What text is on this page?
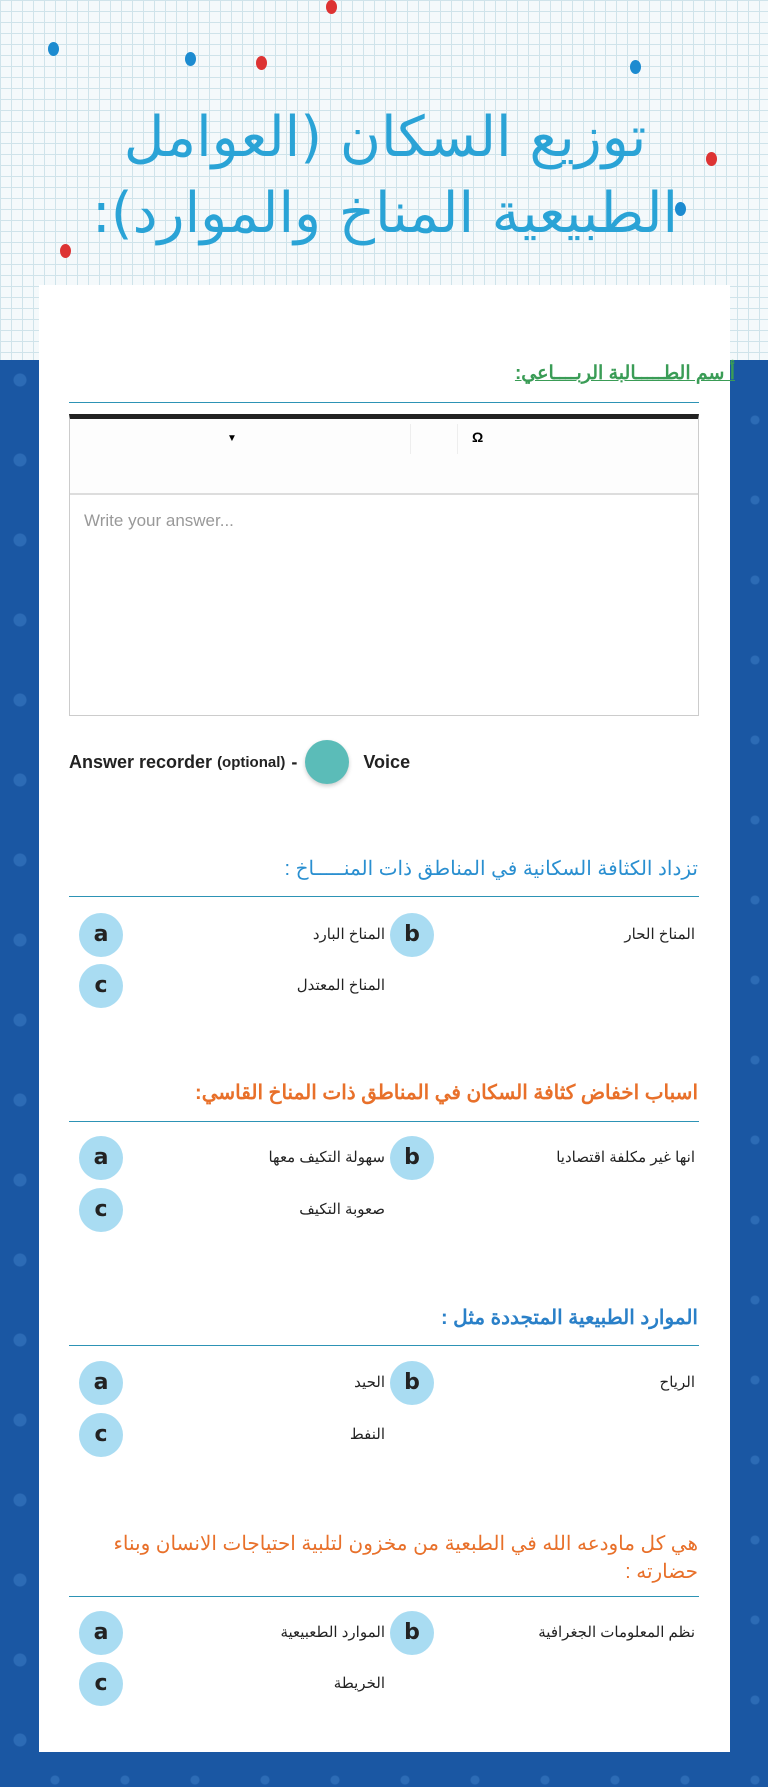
توزيع السكان (العوامل الطبيعية المناخ والموارد):
أ سم الطـــــالبة الربــــاعي:
▼	Ω
Write your answer...
Answer recorder (optional) -	Voice
تزداد الكثافة السكانية في المناطق ذات المنـــــاخ :
a	المناخ البارد b	المناخ الحار
c	المناخ المعتدل
اسباب اخفاض كثافة السكان في المناطق ذات المناخ القاسي:
a	سهولة التكيف معها b	انها غير مكلفة اقتصاديا
c	صعوبة التكيف
الموارد الطبيعية المتجددة مثل :
a	الحيد b	الرياح
c	النفط
هي كل ماودعه الله في الطبعية من مخزون لتلبية احتياجات الانسان وبناء حضارته :
a	الموارد الطعبيعية b	نظم المعلومات الجغرافية
c	الخريطة
